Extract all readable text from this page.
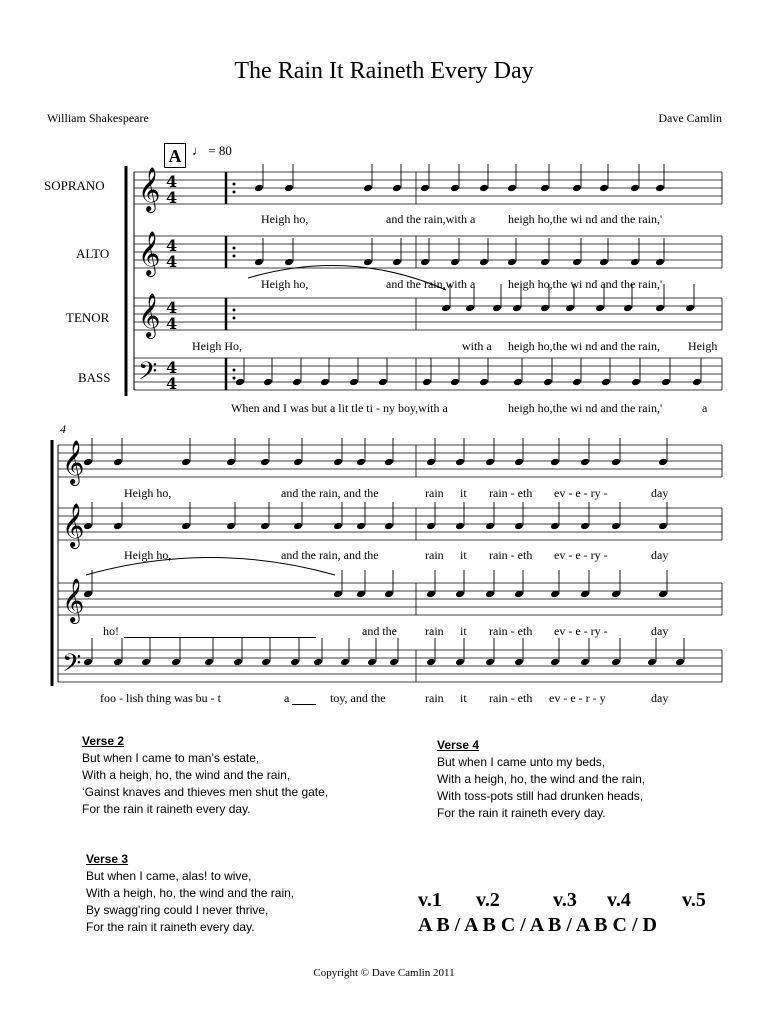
The Rain It Raineth Every Day
William Shakespeare	Dave Camlin
A ♩ = 80
SOPRANO
ALTO
TENOR
BASS
𝄞 4
4
𝄞 4
4
𝄞 4
4
𝄢 4
4
𝄞
𝄞
𝄞
𝄢
Heigh ho,	and the rain,with a	heigh ho,the wi nd and the rain,'
Heigh ho,	and the rain,with a	heigh ho,the wi nd and the rain,'
Heigh Ho,	with a heigh ho,the wi nd and the rain, Heigh
When and I was but a lit tle ti - ny boy,with a	heigh ho,the wi nd and the rain,'	a
4
Heigh ho,	and the rain, and the	rain it rain - eth ev - e - ry -	day
Heigh ho,	and the rain, and the	rain it rain - eth ev - e - ry -	day
ho!	and the rain it rain - eth ev - e - ry -	day
foo - lish thing was bu - t	a	toy, and the	rain it rain - eth ev - e - r - y	day
Verse 2
But when I came to man’s estate,
With a heigh, ho, the wind and the rain,
‘Gainst knaves and thieves men shut the gate,
For the rain it raineth every day.
Verse 3
But when I came, alas! to wive,
With a heigh, ho, the wind and the rain,
By swagg'ring could I never thrive,
For the rain it raineth every day.
Verse 4
But when I came unto my beds,
With a heigh, ho, the wind and the rain,
With toss-pots still had drunken heads,
For the rain it raineth every day.
v.1 v.2	v.3 v.4	v.5
A B / A B C / A B / A B C / D
Copyright © Dave Camlin 2011
